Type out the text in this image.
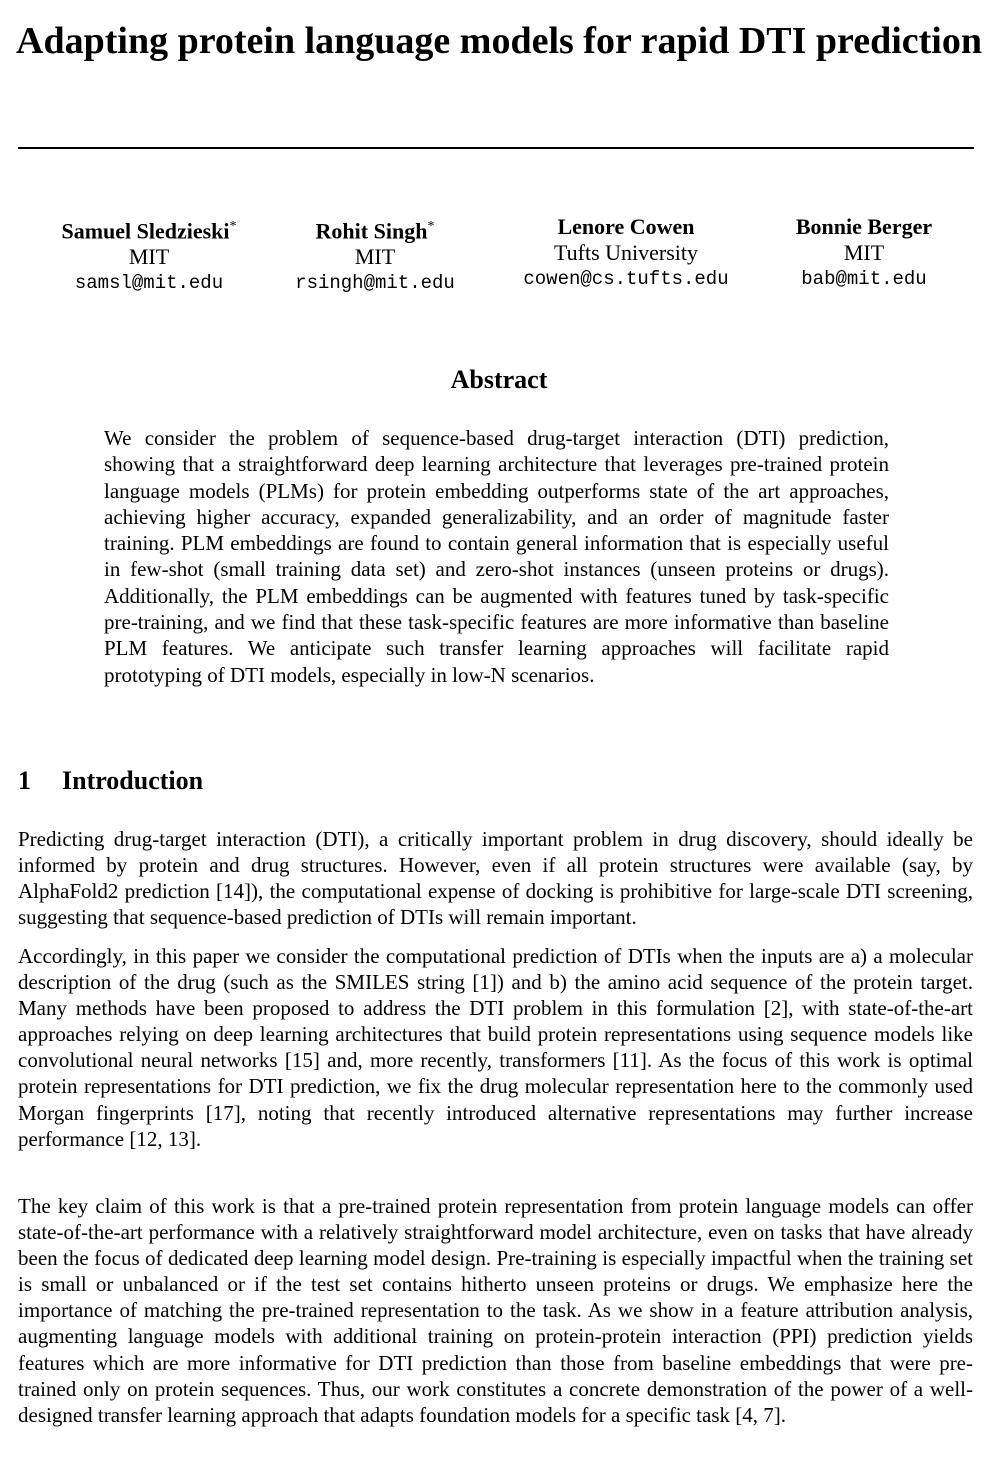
Adapting protein language models for rapid DTI prediction
Samuel Sledzieski*
MIT
samsl@mit.edu
Rohit Singh*
MIT
rsingh@mit.edu
Lenore Cowen
Tufts University
cowen@cs.tufts.edu
Bonnie Berger
MIT
bab@mit.edu
Abstract

We consider the problem of sequence-based drug-target interaction (DTI) prediction, showing that a straightforward deep learning architecture that leverages pre-trained protein language models (PLMs) for protein embedding outperforms state of the art approaches, achieving higher accuracy, expanded generalizability, and an order of magnitude faster training. PLM embeddings are found to contain general information that is especially useful in few-shot (small training data set) and zero-shot instances (unseen proteins or drugs). Additionally, the PLM embeddings can be augmented with features tuned by task-specific pre-training, and we find that these task-specific features are more informative than baseline PLM features. We anticipate such transfer learning approaches will facilitate rapid prototyping of DTI models, especially in low-N scenarios.

1 Introduction

Predicting drug-target interaction (DTI), a critically important problem in drug discovery, should ideally be informed by protein and drug structures. However, even if all protein structures were available (say, by AlphaFold2 prediction [14]), the computational expense of docking is prohibitive for large-scale DTI screening, suggesting that sequence-based prediction of DTIs will remain important.

Accordingly, in this paper we consider the computational prediction of DTIs when the inputs are a) a molecular description of the drug (such as the SMILES string [1]) and b) the amino acid sequence of the protein target. Many methods have been proposed to address the DTI problem in this formulation [2], with state-of-the-art approaches relying on deep learning architectures that build protein representations using sequence models like convolutional neural networks [15] and, more recently, transformers [11]. As the focus of this work is optimal protein representations for DTI prediction, we fix the drug molecular representation here to the commonly used Morgan fingerprints [17], noting that recently introduced alternative representations may further increase performance [12, 13].

The key claim of this work is that a pre-trained protein representation from protein language models can offer state-of-the-art performance with a relatively straightforward model architecture, even on tasks that have already been the focus of dedicated deep learning model design. Pre-training is especially impactful when the training set is small or unbalanced or if the test set contains hitherto unseen proteins or drugs. We emphasize here the importance of matching the pre-trained representation to the task. As we show in a feature attribution analysis, augmenting language models with additional training on protein-protein interaction (PPI) prediction yields features which are more informative for DTI prediction than those from baseline embeddings that were pre-trained only on protein sequences. Thus, our work constitutes a concrete demonstration of the power of a well-designed transfer learning approach that adapts foundation models for a specific task [4, 7].
